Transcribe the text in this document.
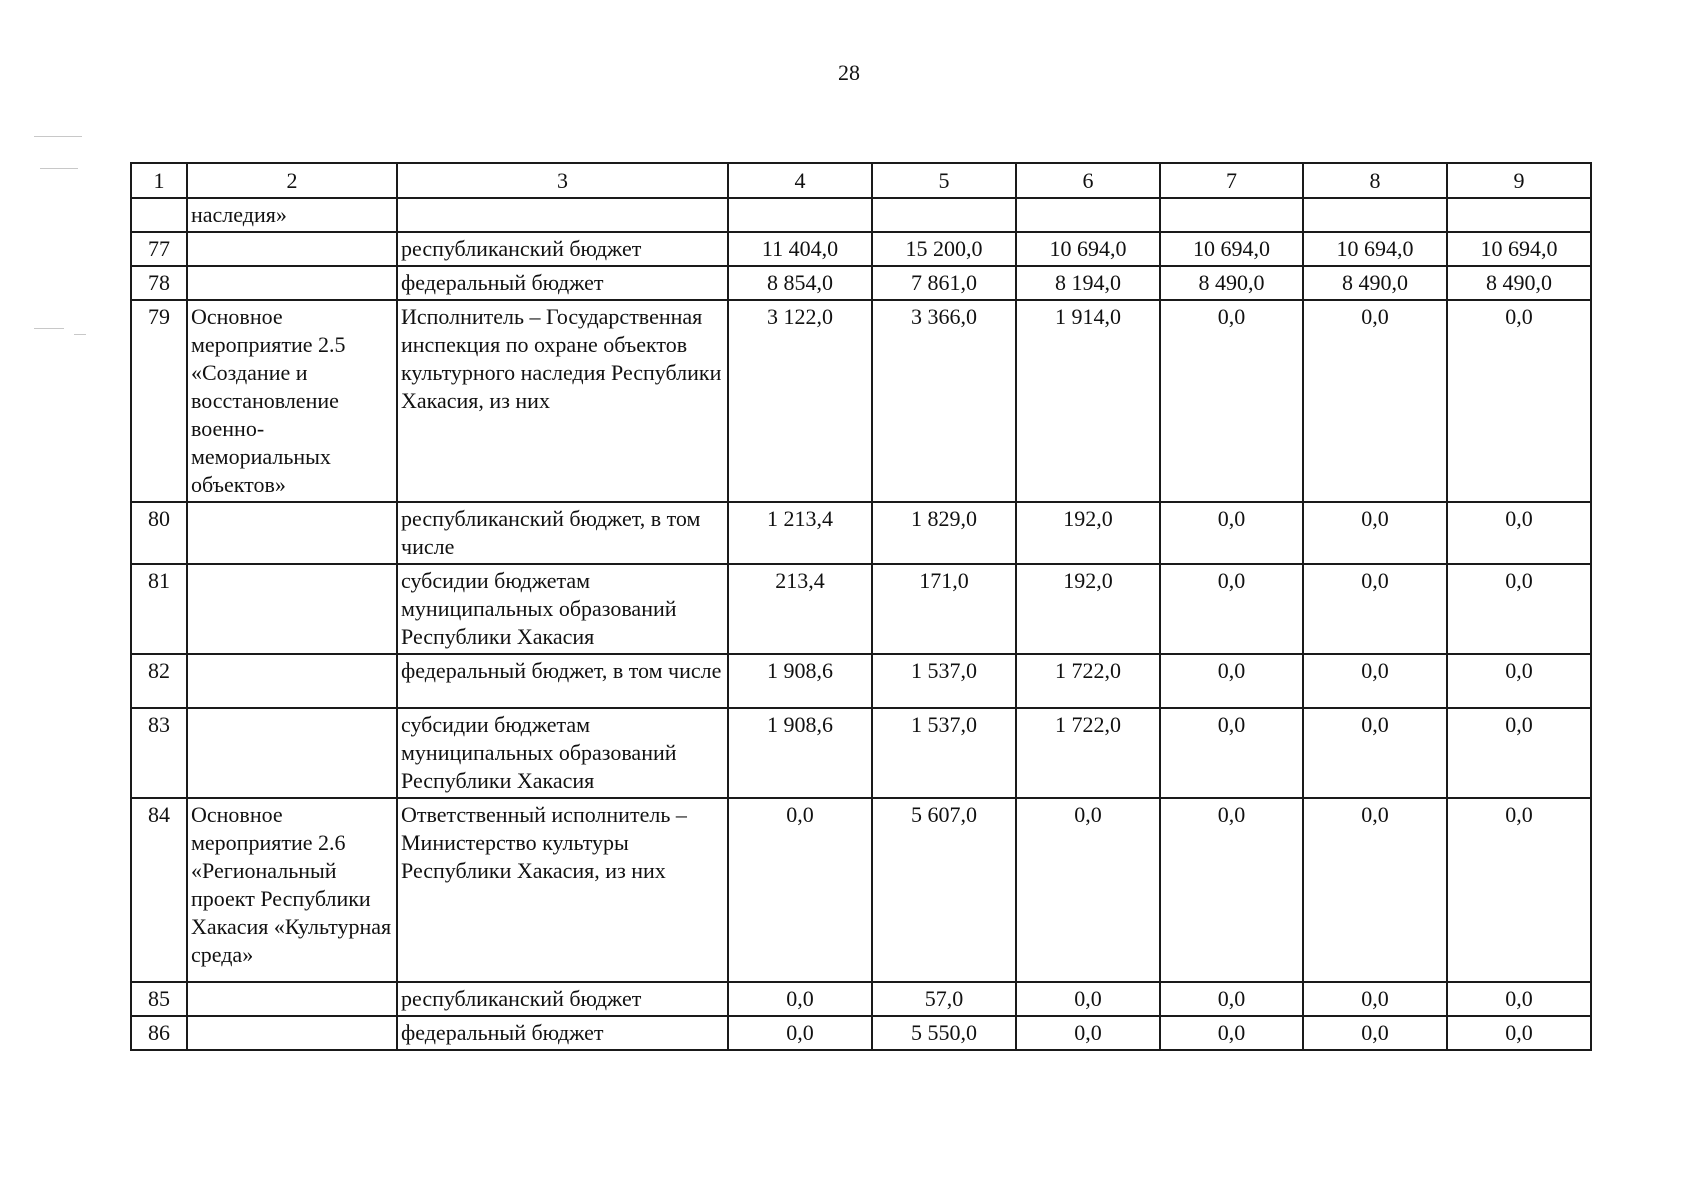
28
1	2	3	4	5	6	7	8	9
	наследия»							
77		республиканский бюджет	11 404,0	15 200,0	10 694,0	10 694,0	10 694,0	10 694,0
78		федеральный бюджет	8 854,0	7 861,0	8 194,0	8 490,0	8 490,0	8 490,0
79	Основное мероприятие 2.5 «Создание и восстановление военно-мемориальных объектов»	Исполнитель – Государственная инспекция по охране объектов культурного наследия Республики Хакасия, из них	3 122,0	3 366,0	1 914,0	0,0	0,0	0,0
80		республиканский бюджет, в том числе	1 213,4	1 829,0	192,0	0,0	0,0	0,0
81		субсидии бюджетам муниципальных образований Республики Хакасия	213,4	171,0	192,0	0,0	0,0	0,0
82		федеральный бюджет, в том числе	1 908,6	1 537,0	1 722,0	0,0	0,0	0,0
83		субсидии бюджетам муниципальных образований Республики Хакасия	1 908,6	1 537,0	1 722,0	0,0	0,0	0,0
84	Основное мероприятие 2.6 «Региональный проект Республики Хакасия «Культурная среда»	Ответственный исполнитель – Министерство культуры Республики Хакасия, из них	0,0	5 607,0	0,0	0,0	0,0	0,0
85		республиканский бюджет	0,0	57,0	0,0	0,0	0,0	0,0
86		федеральный бюджет	0,0	5 550,0	0,0	0,0	0,0	0,0
